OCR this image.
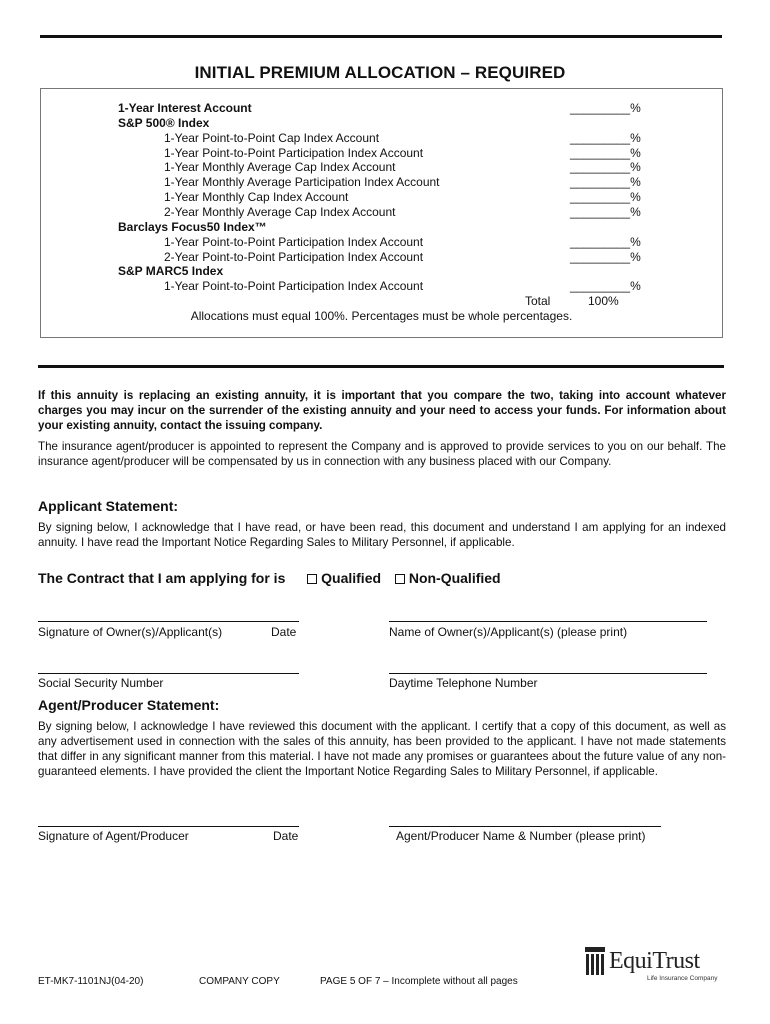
INITIAL PREMIUM ALLOCATION – REQUIRED
1-Year Interest Account	_________%
S&P 500® Index
1-Year Point-to-Point Cap Index Account	_________%
1-Year Point-to-Point Participation Index Account	_________%
1-Year Monthly Average Cap Index Account	_________%
1-Year Monthly Average Participation Index Account	_________%
1-Year Monthly Cap Index Account	_________%
2-Year Monthly Average Cap Index Account	_________%
Barclays Focus50 Index™
1-Year Point-to-Point Participation Index Account	_________%
2-Year Point-to-Point Participation Index Account	_________%
S&P MARC5 Index
1-Year Point-to-Point Participation Index Account	_________%
Total	100%
Allocations must equal 100%. Percentages must be whole percentages.
If this annuity is replacing an existing annuity, it is important that you compare the two, taking into account whatever charges you may incur on the surrender of the existing annuity and your need to access your funds. For information about your existing annuity, contact the issuing company.
The insurance agent/producer is appointed to represent the Company and is approved to provide services to you on our behalf. The insurance agent/producer will be compensated by us in connection with any business placed with our Company.
Applicant Statement:
By signing below, I acknowledge that I have read, or have been read, this document and understand I am applying for an indexed annuity. I have read the Important Notice Regarding Sales to Military Personnel, if applicable.
The Contract that I am applying for is	Qualified Non-Qualified
Signature of Owner(s)/Applicant(s)	Date	Name of Owner(s)/Applicant(s) (please print)
Social Security Number	Daytime Telephone Number
Agent/Producer Statement:
By signing below, I acknowledge I have reviewed this document with the applicant. I certify that a copy of this document, as well as any advertisement used in connection with the sales of this annuity, has been provided to the applicant. I have not made statements that differ in any significant manner from this material. I have not made any promises or guarantees about the future value of any non-guaranteed elements. I have provided the client the Important Notice Regarding Sales to Military Personnel, if applicable.
Signature of Agent/Producer	Date	Agent/Producer Name & Number (please print)
ET-MK7-1101NJ(04-20)	COMPANY COPY	PAGE 5 OF 7 – Incomplete without all pages
EquiTrust
Life Insurance Company
